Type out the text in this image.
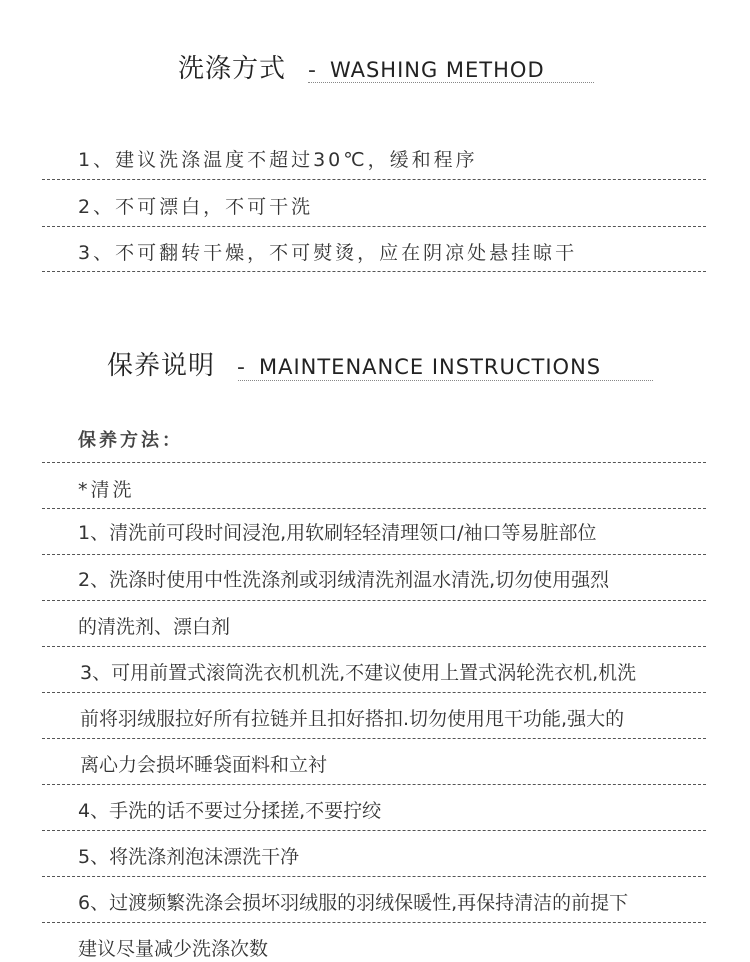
洗涤方式 - WASHING METHOD
1、建议洗涤温度不超过30℃，缓和程序
2、不可漂白，不可干洗
3、不可翻转干燥，不可熨烫，应在阴凉处悬挂晾干
保养说明 - MAINTENANCE INSTRUCTIONS
保养方法：
*清洗
1、清洗前可段时间浸泡,用软刷轻轻清理领口/袖口等易脏部位
2、洗涤时使用中性洗涤剂或羽绒清洗剂温水清洗,切勿使用强烈
的清洗剂、漂白剂
3、可用前置式滚筒洗衣机机洗,不建议使用上置式涡轮洗衣机,机洗
前将羽绒服拉好所有拉链并且扣好搭扣.切勿使用甩干功能,强大的
离心力会损坏睡袋面料和立衬
4、手洗的话不要过分揉搓,不要拧绞
5、将洗涤剂泡沫漂洗干净
6、过渡频繁洗涤会损坏羽绒服的羽绒保暖性,再保持清洁的前提下
建议尽量减少洗涤次数
